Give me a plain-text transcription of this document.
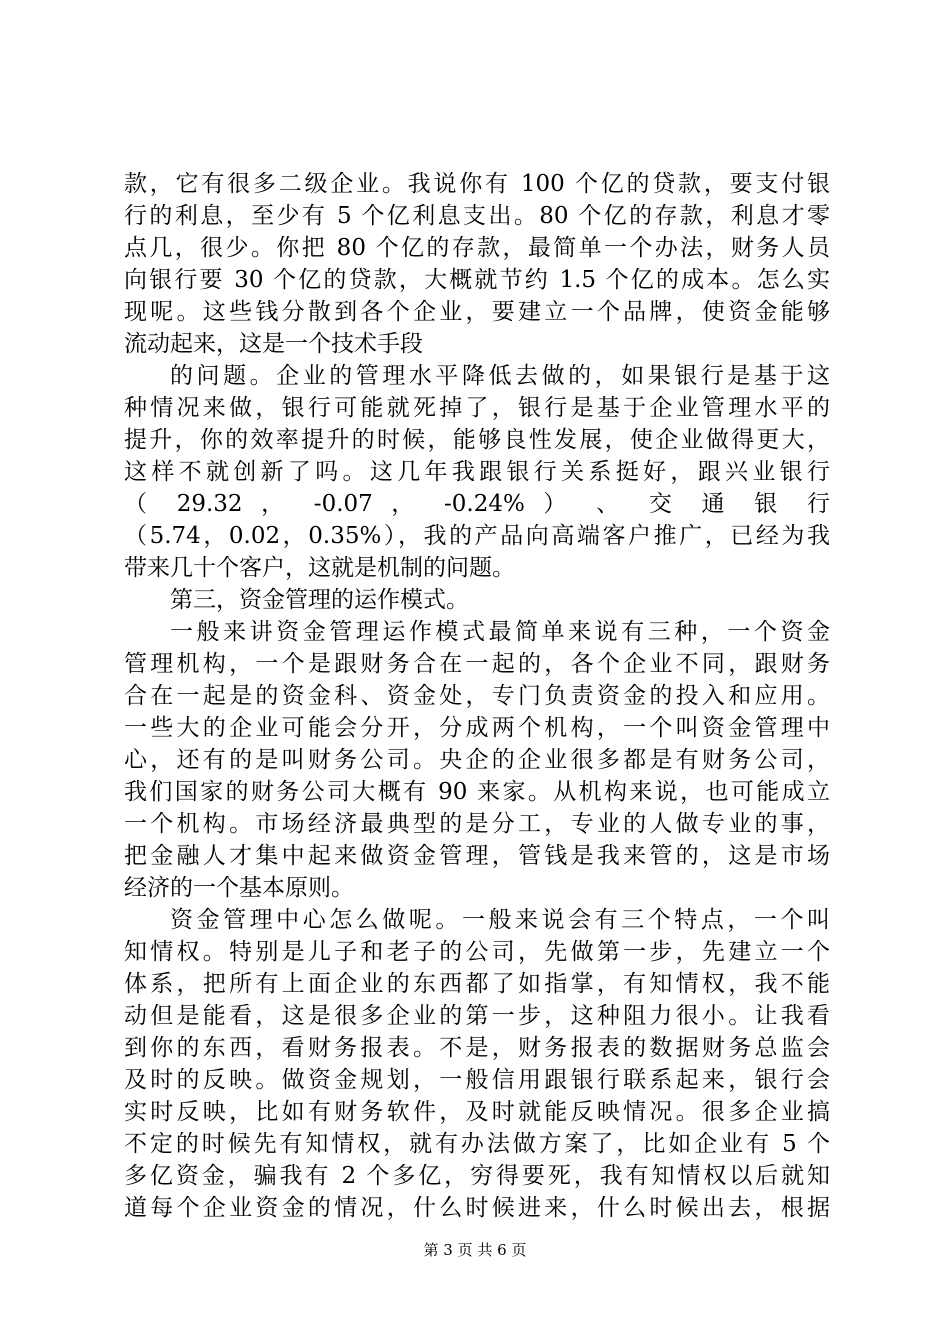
款，它有很多二级企业。我说你有 100 个亿的贷款，要支付银
行的利息，至少有 5 个亿利息支出。80 个亿的存款，利息才零
点几，很少。你把 80 个亿的存款，最简单一个办法，财务人员
向银行要 30 个亿的贷款，大概就节约 1.5 个亿的成本。怎么实
现呢。这些钱分散到各个企业，要建立一个品牌，使资金能够
流动起来，这是一个技术手段
的问题。企业的管理水平降低去做的，如果银行是基于这
种情况来做，银行可能就死掉了，银行是基于企业管理水平的
提升，你的效率提升的时候，能够良性发展，使企业做得更大，
这样不就创新了吗。这几年我跟银行关系挺好，跟兴业银行
（ 29.32 ， -0.07 ， -0.24% ） 、 交 通 银 行
（5.74，0.02，0.35%），我的产品向高端客户推广，已经为我
带来几十个客户，这就是机制的问题。
第三，资金管理的运作模式。
一般来讲资金管理运作模式最简单来说有三种，一个资金
管理机构，一个是跟财务合在一起的，各个企业不同，跟财务
合在一起是的资金科、资金处，专门负责资金的投入和应用。
一些大的企业可能会分开，分成两个机构，一个叫资金管理中
心，还有的是叫财务公司。央企的企业很多都是有财务公司，
我们国家的财务公司大概有 90 来家。从机构来说，也可能成立
一个机构。市场经济最典型的是分工，专业的人做专业的事，
把金融人才集中起来做资金管理，管钱是我来管的，这是市场
经济的一个基本原则。
资金管理中心怎么做呢。一般来说会有三个特点，一个叫
知情权。特别是儿子和老子的公司，先做第一步，先建立一个
体系，把所有上面企业的东西都了如指掌，有知情权，我不能
动但是能看，这是很多企业的第一步，这种阻力很小。让我看
到你的东西，看财务报表。不是，财务报表的数据财务总监会
及时的反映。做资金规划，一般信用跟银行联系起来，银行会
实时反映，比如有财务软件，及时就能反映情况。很多企业搞
不定的时候先有知情权，就有办法做方案了，比如企业有 5 个
多亿资金，骗我有 2 个多亿，穷得要死，我有知情权以后就知
道每个企业资金的情况，什么时候进来，什么时候出去，根据
第 3 页 共 6 页
